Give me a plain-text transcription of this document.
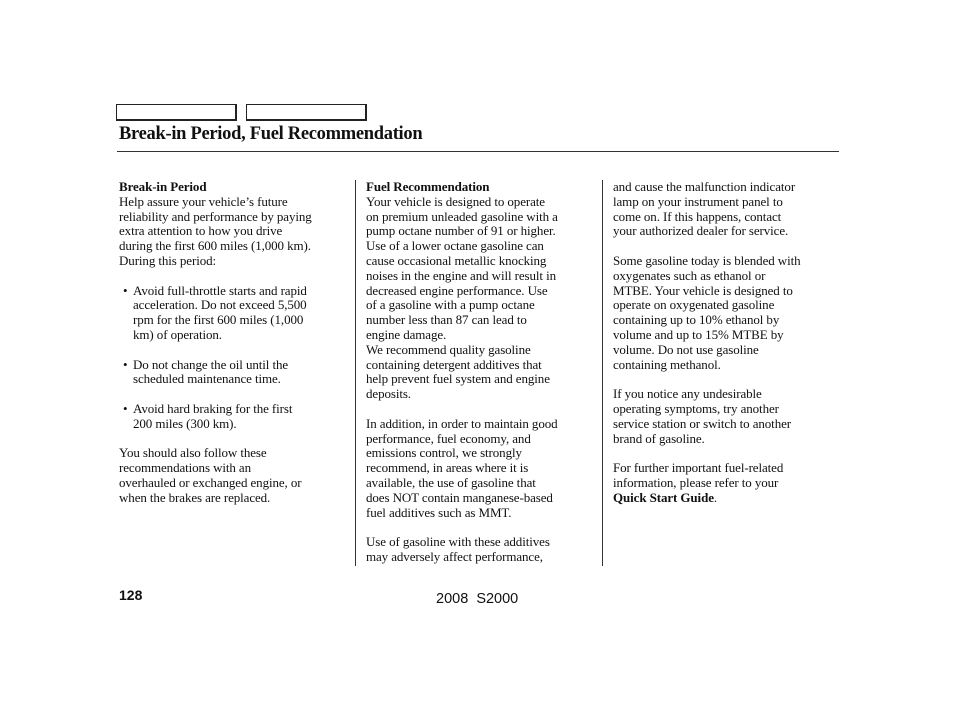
Break-in Period, Fuel Recommendation
Break-in Period
Help assure your vehicle’s future
reliability and performance by paying
extra attention to how you drive
during the first 600 miles (1,000 km).
During this period:
• Avoid full-throttle starts and rapid
acceleration. Do not exceed 5,500
rpm for the first 600 miles (1,000
km) of operation.
• Do not change the oil until the
scheduled maintenance time.
• Avoid hard braking for the first
200 miles (300 km).
You should also follow these
recommendations with an
overhauled or exchanged engine, or
when the brakes are replaced.
Fuel Recommendation
Your vehicle is designed to operate
on premium unleaded gasoline with a
pump octane number of 91 or higher.
Use of a lower octane gasoline can
cause occasional metallic knocking
noises in the engine and will result in
decreased engine performance. Use
of a gasoline with a pump octane
number less than 87 can lead to
engine damage.
We recommend quality gasoline
containing detergent additives that
help prevent fuel system and engine
deposits.
In addition, in order to maintain good
performance, fuel economy, and
emissions control, we strongly
recommend, in areas where it is
available, the use of gasoline that
does NOT contain manganese-based
fuel additives such as MMT.
Use of gasoline with these additives
may adversely affect performance,
and cause the malfunction indicator
lamp on your instrument panel to
come on. If this happens, contact
your authorized dealer for service.
Some gasoline today is blended with
oxygenates such as ethanol or
MTBE. Your vehicle is designed to
operate on oxygenated gasoline
containing up to 10% ethanol by
volume and up to 15% MTBE by
volume. Do not use gasoline
containing methanol.
If you notice any undesirable
operating symptoms, try another
service station or switch to another
brand of gasoline.
For further important fuel-related
information, please refer to your
Quick Start Guide.
128	2008  S2000
